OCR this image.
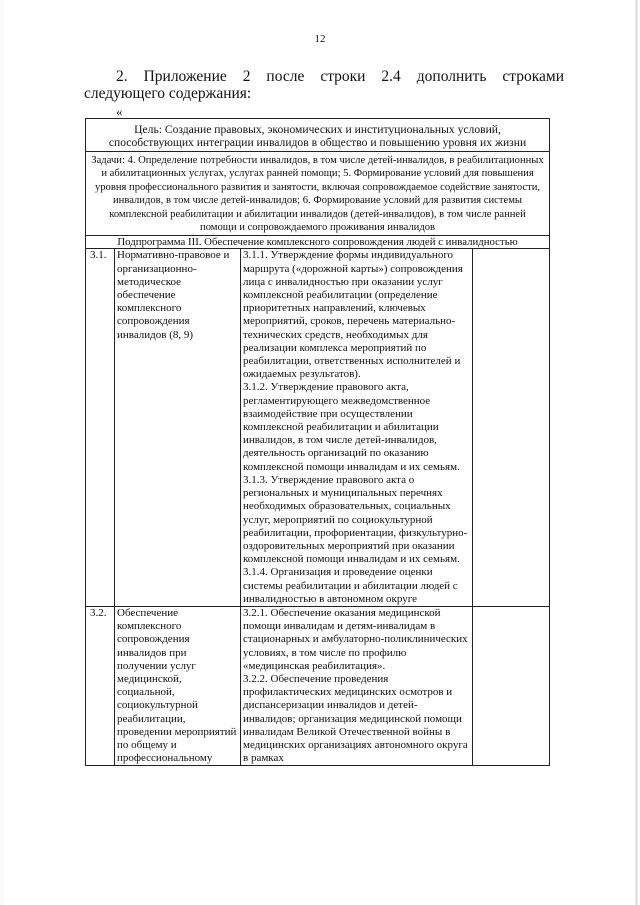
12
2. Приложение 2 после строки 2.4 дополнить строками следующего содержания:
«
Цель: Создание правовых, экономических и институциональных условий, способствующих интеграции инвалидов в общество и повышению уровня их жизни			
Задачи: 4. Определение потребности инвалидов, в том числе детей-инвалидов, в реабилитационных и абилитационных услугах, услугах ранней помощи; 5. Формирование условий для повышения уровня профессионального развития и занятости, включая сопровождаемое содействие занятости, инвалидов, в том числе детей-инвалидов; 6. Формирование условий для развития системы комплексной реабилитации и абилитации инвалидов (детей-инвалидов), в том числе ранней помощи и сопровождаемого проживания инвалидов			
Подпрограмма III. Обеспечение комплексного сопровождения людей с инвалидностью			
3.1.	Нормативно-правовое и организационно-методическое обеспечение комплексного сопровождения инвалидов (8, 9)	3.1.1. Утверждение формы индивидуального маршрута («дорожной карты») сопровождения лица с инвалидностью при оказании услуг комплексной реабилитации (определение приоритетных направлений, ключевых мероприятий, сроков, перечень материально-технических средств, необходимых для реализации комплекса мероприятий по реабилитации, ответственных исполнителей и ожидаемых результатов).

3.1.2. Утверждение правового акта, регламентирующего межведомственное взаимодействие при осуществлении комплексной реабилитации и абилитации инвалидов, в том числе детей-инвалидов, деятельность организаций по оказанию комплексной помощи инвалидам и их семьям.

3.1.3. Утверждение правового акта о региональных и муниципальных перечнях необходимых образовательных, социальных услуг, мероприятий по социокультурной реабилитации, профориентации, физкультурно-оздоровительных мероприятий при оказании комплексной помощи инвалидам и их семьям.

3.1.4. Организация и проведение оценки системы реабилитации и абилитации людей с инвалидностью в автономном округе	

3.2.	Обеспечение комплексного сопровождения инвалидов при получении услуг медицинской, социальной, социокультурной реабилитации, проведении мероприятий по общему и профессиональному	3.2.1. Обеспечение оказания медицинской помощи инвалидам и детям-инвалидам в стационарных и амбулаторно-поликлинических условиях, в том числе по профилю «медицинская реабилитация».

3.2.2. Обеспечение проведения профилактических медицинских осмотров и диспансеризации инвалидов и детей-инвалидов; организация медицинской помощи инвалидам Великой Отечественной войны в медицинских организациях автономного округа в рамках	
